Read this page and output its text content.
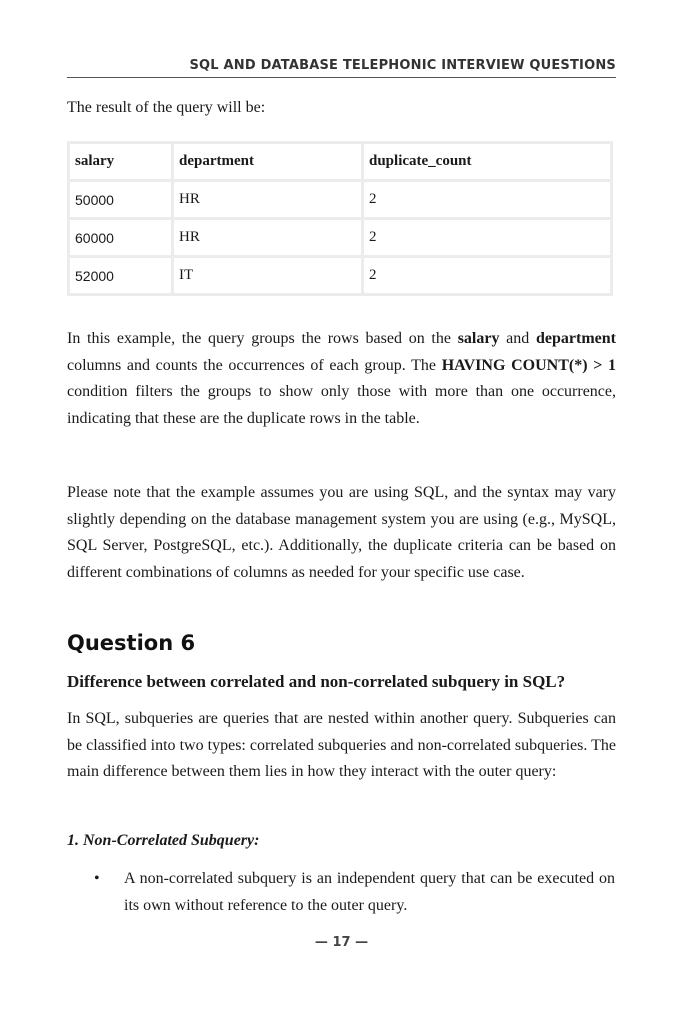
SQL AND DATABASE TELEPHONIC INTERVIEW QUESTIONS
The result of the query will be:
salary	department	duplicate_count
50000	HR	2
60000	HR	2
52000	IT	2

In this example, the query groups the rows based on the salary and department columns and counts the occurrences of each group. The HAVING COUNT(*) > 1 condition filters the groups to show only those with more than one occurrence, indicating that these are the duplicate rows in the table.

Please note that the example assumes you are using SQL, and the syntax may vary slightly depending on the database management system you are using (e.g., MySQL, SQL Server, PostgreSQL, etc.). Additionally, the duplicate criteria can be based on different combinations of columns as needed for your specific use case.

Question 6
Difference between correlated and non-correlated subquery in SQL?

In SQL, subqueries are queries that are nested within another query. Subqueries can be classified into two types: correlated subqueries and non-correlated subqueries. The main difference between them lies in how they interact with the outer query:

1. Non-Correlated Subquery:
• A non-correlated subquery is an independent query that can be executed on its own without reference to the outer query.

— 17 —
